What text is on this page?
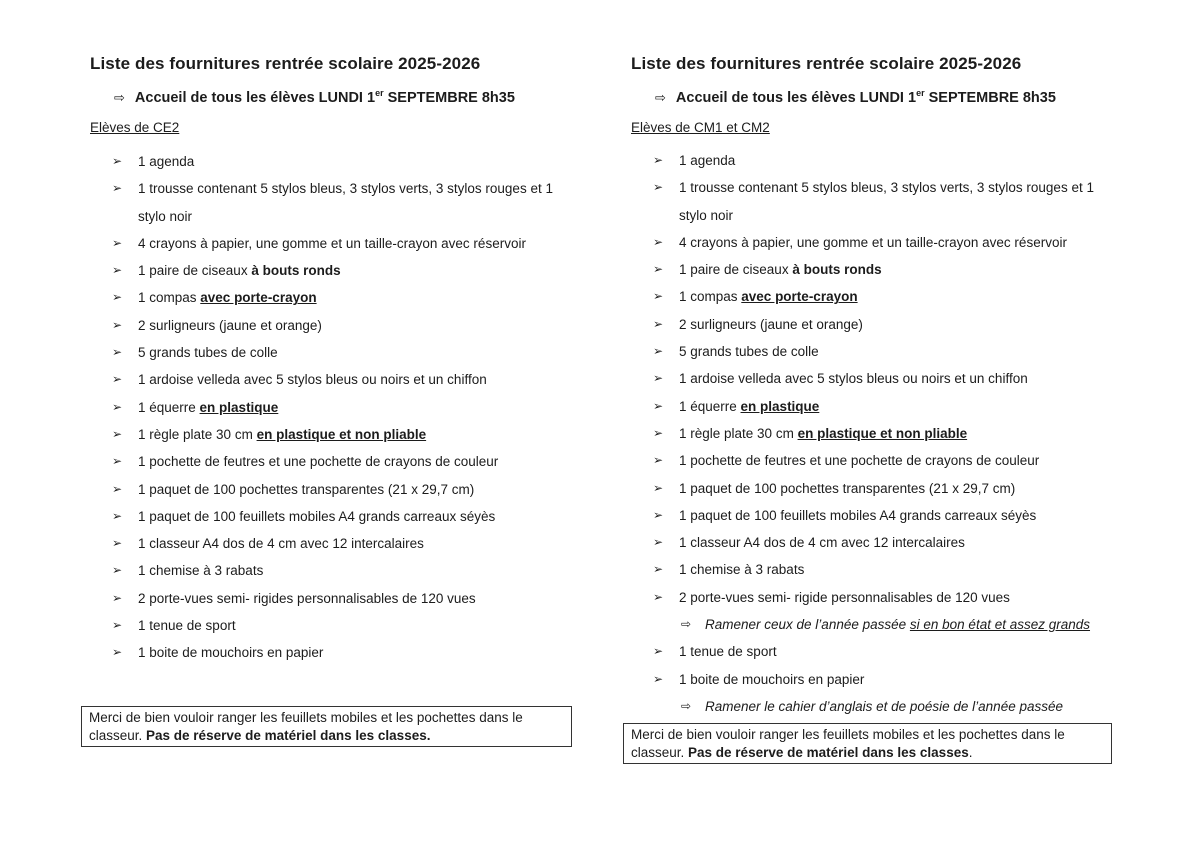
Liste des fournitures rentrée scolaire 2025-2026
⇨ Accueil de tous les élèves LUNDI 1er SEPTEMBRE 8h35
Elèves de CE2
➢ 1 agenda
➢ 1 trousse contenant 5 stylos bleus, 3 stylos verts, 3 stylos rouges et 1 stylo noir
➢ 4 crayons à papier, une gomme et un taille-crayon avec réservoir
➢ 1 paire de ciseaux à bouts ronds
➢ 1 compas avec porte-crayon
➢ 2 surligneurs (jaune et orange)
➢ 5 grands tubes de colle
➢ 1 ardoise velleda avec 5 stylos bleus ou noirs et un chiffon
➢ 1 équerre en plastique
➢ 1 règle plate 30 cm en plastique et non pliable
➢ 1 pochette de feutres et une pochette de crayons de couleur
➢ 1 paquet de 100 pochettes transparentes (21 x 29,7 cm)
➢ 1 paquet de 100 feuillets mobiles A4 grands carreaux séyès
➢ 1 classeur A4 dos de 4 cm avec 12 intercalaires
➢ 1 chemise à 3 rabats
➢ 2 porte-vues semi- rigides personnalisables de 120 vues
➢ 1 tenue de sport
➢ 1 boite de mouchoirs en papier
Merci de bien vouloir ranger les feuillets mobiles et les pochettes dans le classeur. Pas de réserve de matériel dans les classes.
Liste des fournitures rentrée scolaire 2025-2026
⇨ Accueil de tous les élèves LUNDI 1er SEPTEMBRE 8h35
Elèves de CM1 et CM2
➢ 1 agenda
➢ 1 trousse contenant 5 stylos bleus, 3 stylos verts, 3 stylos rouges et 1 stylo noir
➢ 4 crayons à papier, une gomme et un taille-crayon avec réservoir
➢ 1 paire de ciseaux à bouts ronds
➢ 1 compas avec porte-crayon
➢ 2 surligneurs (jaune et orange)
➢ 5 grands tubes de colle
➢ 1 ardoise velleda avec 5 stylos bleus ou noirs et un chiffon
➢ 1 équerre en plastique
➢ 1 règle plate 30 cm en plastique et non pliable
➢ 1 pochette de feutres et une pochette de crayons de couleur
➢ 1 paquet de 100 pochettes transparentes (21 x 29,7 cm)
➢ 1 paquet de 100 feuillets mobiles A4 grands carreaux séyès
➢ 1 classeur A4 dos de 4 cm avec 12 intercalaires
➢ 1 chemise à 3 rabats
➢ 2 porte-vues semi- rigide personnalisables de 120 vues
⇨ Ramener ceux de l’année passée si en bon état et assez grands
➢ 1 tenue de sport
➢ 1 boite de mouchoirs en papier
⇨ Ramener le cahier d’anglais et de poésie de l’année passée
Merci de bien vouloir ranger les feuillets mobiles et les pochettes dans le classeur. Pas de réserve de matériel dans les classes.
